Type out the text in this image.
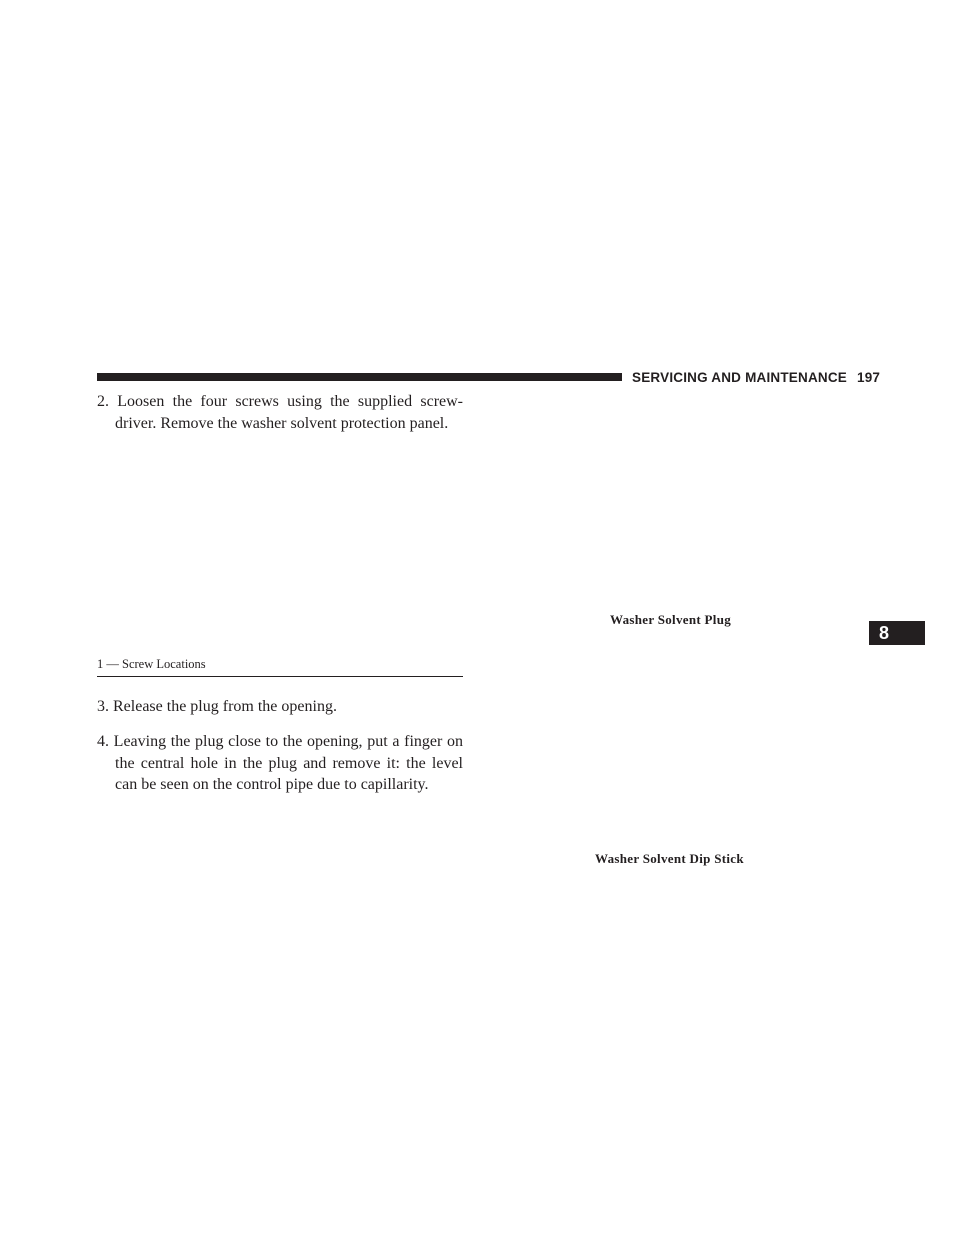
SERVICING AND MAINTENANCE 197
2. Loosen the four screws using the supplied screw-
driver. Remove the washer solvent protection panel.
1 — Screw Locations
3. Release the plug from the opening.
4. Leaving the plug close to the opening, put a finger on
the central hole in the plug and remove it: the level
can be seen on the control pipe due to capillarity.
Washer Solvent Plug
Washer Solvent Dip Stick
8
